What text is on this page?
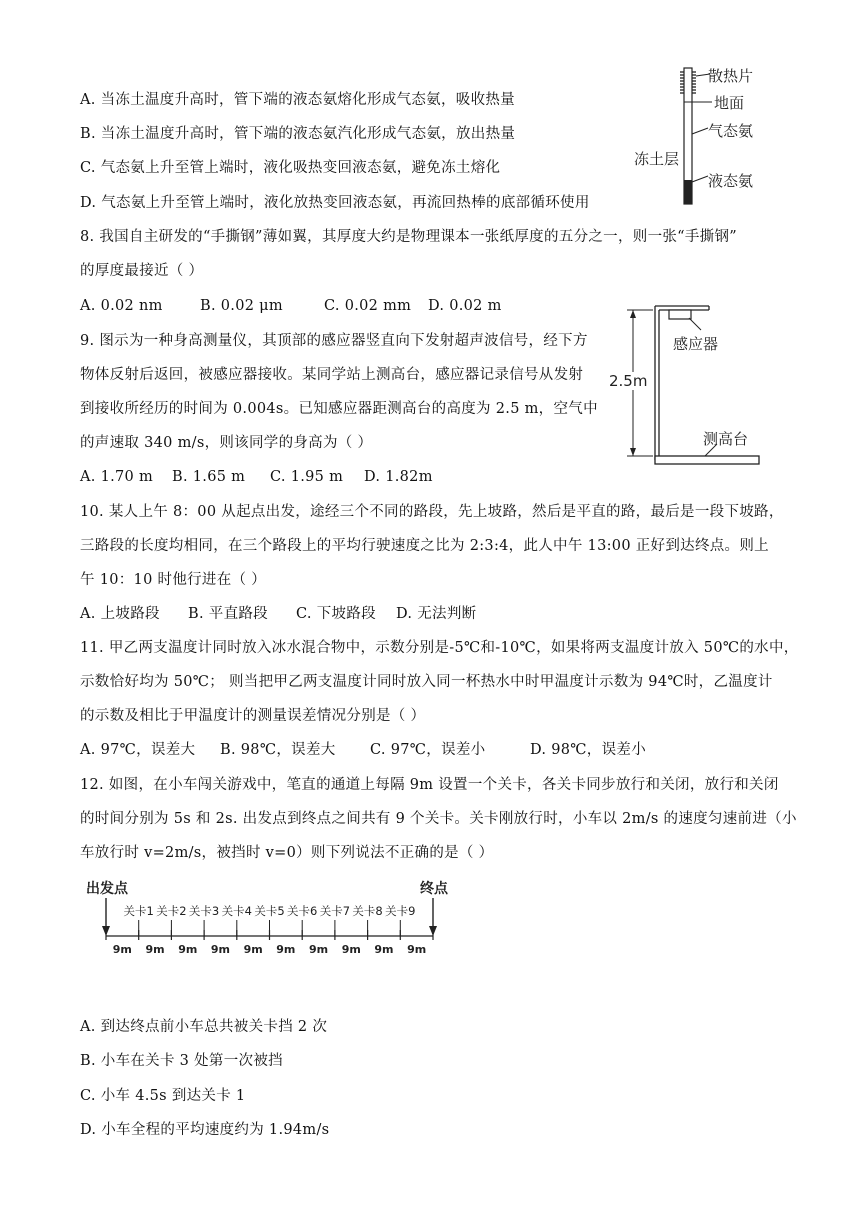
A. 当冻土温度升高时，管下端的液态氨熔化形成气态氨，吸收热量
B. 当冻土温度升高时，管下端的液态氨汽化形成气态氨，放出热量
C. 气态氨上升至管上端时，液化吸热变回液态氨，避免冻土熔化
D. 气态氨上升至管上端时，液化放热变回液态氨，再流回热棒的底部循环使用
散热片
地面
气态氨
冻土层
液态氨
8. 我国自主研发的“手撕钢”薄如翼，其厚度大约是物理课本一张纸厚度的五分之一，则一张“手撕钢”
的厚度最接近（ ）
A. 0.02 nm	B. 0.02 μm	C. 0.02 mm D. 0.02 m
9. 图示为一种身高测量仪，其顶部的感应器竖直向下发射超声波信号，经下方
物体反射后返回，被感应器接收。某同学站上测高台，感应器记录信号从发射
到接收所经历的时间为 0.004s。已知感应器距测高台的高度为 2.5 m，空气中
的声速取 340 m/s，则该同学的身高为（ ）
A. 1.70 m B. 1.65 m C. 1.95 m D. 1.82m
感应器
2.5m
测高台
10. 某人上午 8：00 从起点出发，途经三个不同的路段，先上坡路，然后是平直的路，最后是一段下坡路，
三路段的长度均相同，在三个路段上的平均行驶速度之比为 2:3:4，此人中午 13:00 正好到达终点。则上
午 10：10 时他行进在（ ）
A. 上坡路段 B. 平直路段 C. 下坡路段 D. 无法判断
11. 甲乙两支温度计同时放入冰水混合物中，示数分别是-5℃和-10℃，如果将两支温度计放入 50℃的水中，
示数恰好均为 50℃； 则当把甲乙两支温度计同时放入同一杯热水中时甲温度计示数为 94℃时，乙温度计
的示数及相比于甲温度计的测量误差情况分别是（ ）
A. 97℃，误差大 B. 98℃，误差大 C. 97℃，误差小	D. 98℃，误差小
12. 如图，在小车闯关游戏中，笔直的通道上每隔 9m 设置一个关卡，各关卡同步放行和关闭，放行和关闭
的时间分别为 5s 和 2s. 出发点到终点之间共有 9 个关卡。关卡刚放行时，小车以 2m/s 的速度匀速前进（小
车放行时 v=2m/s，被挡时 v=0）则下列说法不正确的是（ ）
9m 9m 9m 9m 9m 9m 9m 9m 9m 9m
关卡1 关卡2 关卡3 关卡4 关卡5 关卡6 关卡7 关卡8 关卡9
出发点	终点
A. 到达终点前小车总共被关卡挡 2 次
B. 小车在关卡 3 处第一次被挡
C. 小车 4.5s 到达关卡 1
D. 小车全程的平均速度约为 1.94m/s
